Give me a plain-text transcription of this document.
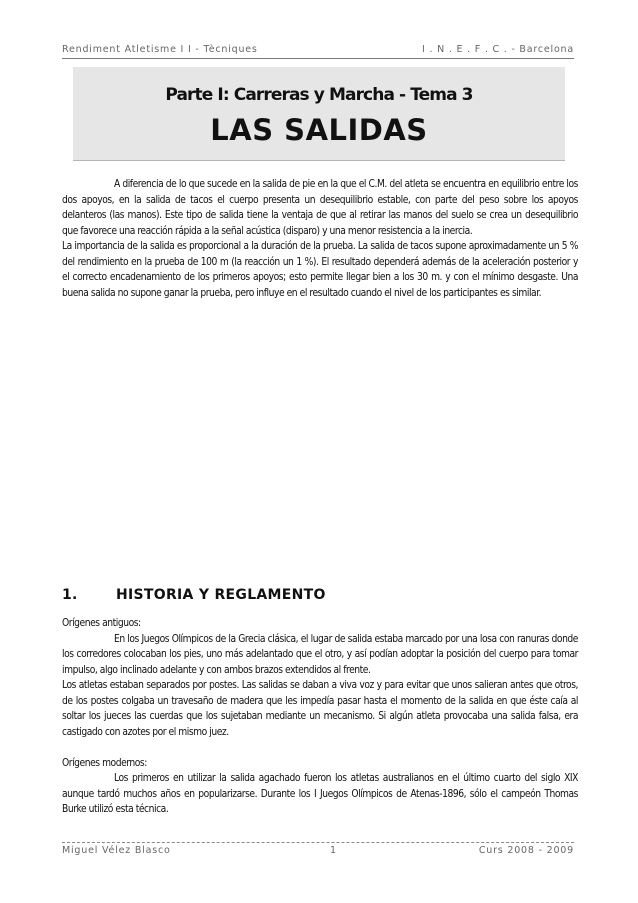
Rendiment Atletisme I I - Tècniques	I . N . E . F . C . - Barcelona
Parte I: Carreras y Marcha - Tema 3
LAS SALIDAS

A diferencia de lo que sucede en la salida de pie en la que el C.M. del atleta se encuentra en equilibrio entre los dos apoyos, en la salida de tacos el cuerpo presenta un desequilibrio estable, con parte del peso sobre los apoyos delanteros (las manos). Este tipo de salida tiene la ventaja de que al retirar las manos del suelo se crea un desequilibrio que favorece una reacción rápida a la señal acústica (disparo) y una menor resistencia a la inercia.

La importancia de la salida es proporcional a la duración de la prueba. La salida de tacos supone aproximadamente un 5 % del rendimiento en la prueba de 100 m (la reacción un 1 %). El resultado dependerá además de la aceleración posterior y el correcto encadenamiento de los primeros apoyos; esto permite llegar bien a los 30 m. y con el mínimo desgaste. Una buena salida no supone ganar la prueba, pero influye en el resultado cuando el nivel de los participantes es similar.

1.	HISTORIA Y REGLAMENTO

Orígenes antiguos:

En los Juegos Olímpicos de la Grecia clásica, el lugar de salida estaba marcado por una losa con ranuras donde los corredores colocaban los pies, uno más adelantado que el otro, y así podían adoptar la posición del cuerpo para tomar impulso, algo inclinado adelante y con ambos brazos extendidos al frente.

Los atletas estaban separados por postes. Las salidas se daban a viva voz y para evitar que unos salieran antes que otros, de los postes colgaba un travesaño de madera que les impedía pasar hasta el momento de la salida en que éste caía al soltar los jueces las cuerdas que los sujetaban mediante un mecanismo. Si algún atleta provocaba una salida falsa, era castigado con azotes por el mismo juez.

Orígenes modernos:

Los primeros en utilizar la salida agachado fueron los atletas australianos en el último cuarto del siglo XIX aunque tardó muchos años en popularizarse. Durante los I Juegos Olímpicos de Atenas-1896, sólo el campeón Thomas Burke utilizó esta técnica.

Miguel Vélez Blasco	1	Curs 2008 - 2009
